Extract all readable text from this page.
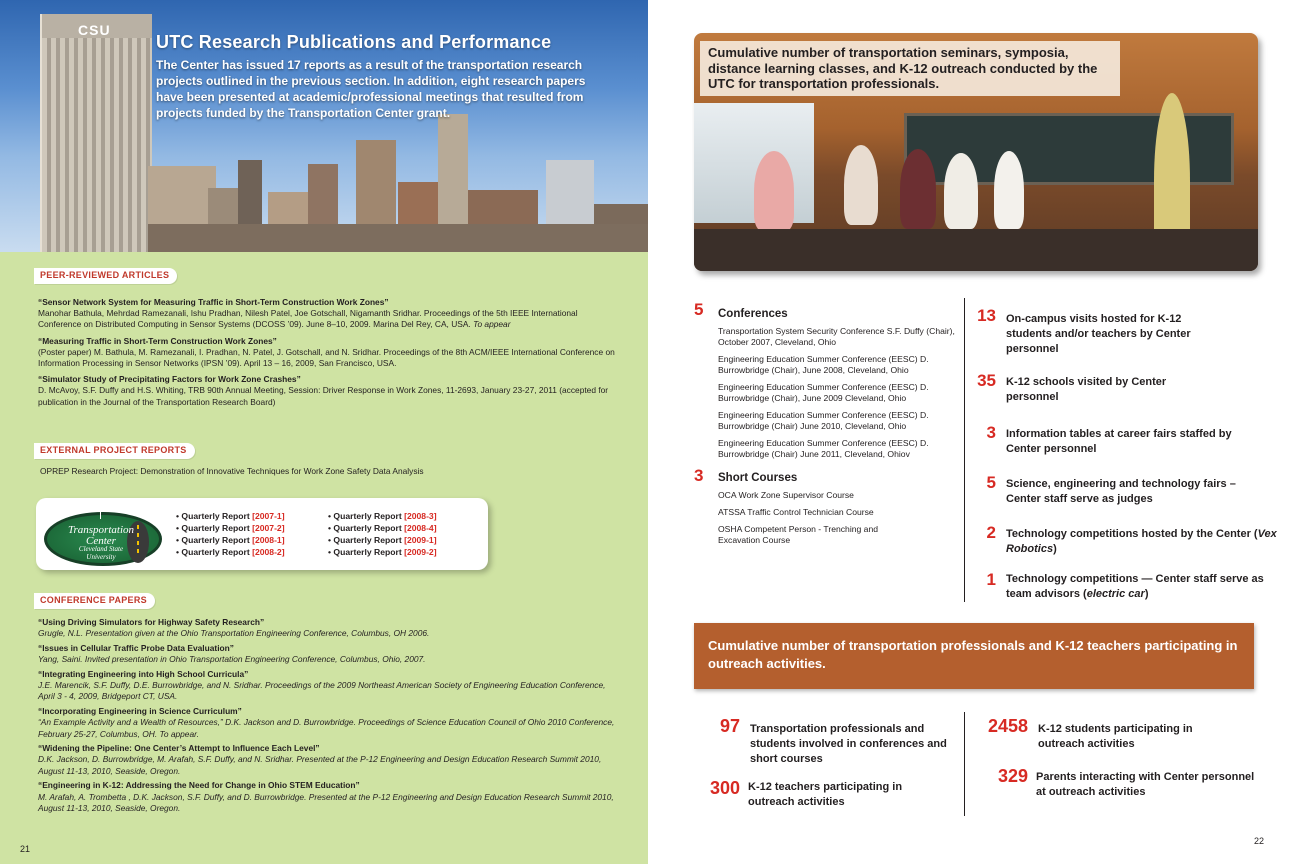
CSU
UTC Research Publications and Performance

The Center has issued 17 reports as a result of the transportation research projects outlined in the previous section. In addition, eight research papers have been presented at academic/professional meetings that resulted from projects funded by the Transportation Center grant.

PEER-REVIEWED ARTICLES
“Sensor Network System for Measuring Traffic in Short-Term Construction Work Zones”
Manohar Bathula, Mehrdad Ramezanali, Ishu Pradhan, Nilesh Patel, Joe Gotschall, Nigamanth Sridhar. Proceedings of the 5th IEEE International Conference on Distributed Computing in Sensor Systems (DCOSS ’09). June 8–10, 2009. Marina Del Rey, CA, USA. To appear
“Measuring Traffic in Short-Term Construction Work Zones”
(Poster paper) M. Bathula, M. Ramezanali, I. Pradhan, N. Patel, J. Gotschall, and N. Sridhar. Proceedings of the 8th ACM/IEEE International Conference on Information Processing in Sensor Networks (IPSN ’09). April 13 – 16, 2009, San Francisco, USA.
“Simulator Study of Precipitating Factors for Work Zone Crashes”
D. McAvoy, S.F. Duffy and H.S. Whiting, TRB 90th Annual Meeting, Session: Driver Response in Work Zones, 11-2693, January 23-27, 2011 (accepted for publication in the Journal of the Transportation Research Board)
EXTERNAL PROJECT REPORTS
OPREP Research Project: Demonstration of Innovative Techniques for Work Zone Safety Data Analysis
Transportation
Center
Cleveland State
University
• Quarterly Report [2007-1]
• Quarterly Report [2007-2]
• Quarterly Report [2008-1]
• Quarterly Report [2008-2]
• Quarterly Report [2008-3]
• Quarterly Report [2008-4]
• Quarterly Report [2009-1]
• Quarterly Report [2009-2]
CONFERENCE PAPERS
“Using Driving Simulators for Highway Safety Research”
Grugle, N.L. Presentation given at the Ohio Transportation Engineering Conference, Columbus, OH 2006.
“Issues in Cellular Traffic Probe Data Evaluation”
Yang, Saini. Invited presentation in Ohio Transportation Engineering Conference, Columbus, Ohio, 2007.
“Integrating Engineering into High School Curricula”
J.E. Marencik, S.F. Duffy, D.E. Burrowbridge, and N. Sridhar. Proceedings of the 2009 Northeast American Society of Engineering Education Conference, April 3 - 4, 2009, Bridgeport CT, USA.
“Incorporating Engineering in Science Curriculum”
“An Example Activity and a Wealth of Resources,” D.K. Jackson and D. Burrowbridge. Proceedings of Science Education Council of Ohio 2010 Conference, February 25-27, Columbus, OH. To appear.
“Widening the Pipeline: One Center’s Attempt to Influence Each Level”
D.K. Jackson, D. Burrowbridge, M. Arafah, S.F. Duffy, and N. Sridhar. Presented at the P-12 Engineering and Design Education Research Summit 2010, August 11-13, 2010, Seaside, Oregon.
“Engineering in K-12: Addressing the Need for Change in Ohio STEM Education”
M. Arafah, A. Trombetta , D.K. Jackson, S.F. Duffy, and D. Burrowbridge. Presented at the P-12 Engineering and Design Education Research Summit 2010, August 11-13, 2010, Seaside, Oregon.
21
Cumulative number of transportation seminars, symposia, distance learning classes, and K-12 outreach conducted by the UTC for transportation professionals.
5 Conferences
Transportation System Security Conference S.F. Duffy (Chair), October 2007, Cleveland, Ohio
Engineering Education Summer Conference (EESC) D. Burrowbridge (Chair), June 2008, Cleveland, Ohio
Engineering Education Summer Conference (EESC) D. Burrowbridge (Chair), June 2009 Cleveland, Ohio
Engineering Education Summer Conference (EESC) D. Burrowbridge (Chair) June 2010, Cleveland, Ohio
Engineering Education Summer Conference (EESC) D. Burrowbridge (Chair) June 2011, Cleveland, Ohiov
3 Short Courses
OCA Work Zone Supervisor Course
ATSSA Traffic Control Technician Course
OSHA Competent Person - Trenching and Excavation Course
13 On-campus visits hosted for K-12 students and/or teachers by Center personnel
35 K-12 schools visited by Center personnel
3 Information tables at career fairs staffed by Center personnel
5 Science, engineering and technology fairs – Center staff serve as judges
2 Technology competitions hosted by the Center (Vex Robotics)
1 Technology competitions — Center staff serve as team advisors (electric car)
Cumulative number of transportation professionals and K-12 teachers participating in outreach activities.
97 Transportation professionals and students involved in conferences and short courses
300 K-12 teachers participating in outreach activities
2458 K-12 students participating in outreach activities
329 Parents interacting with Center personnel at outreach activities
22
